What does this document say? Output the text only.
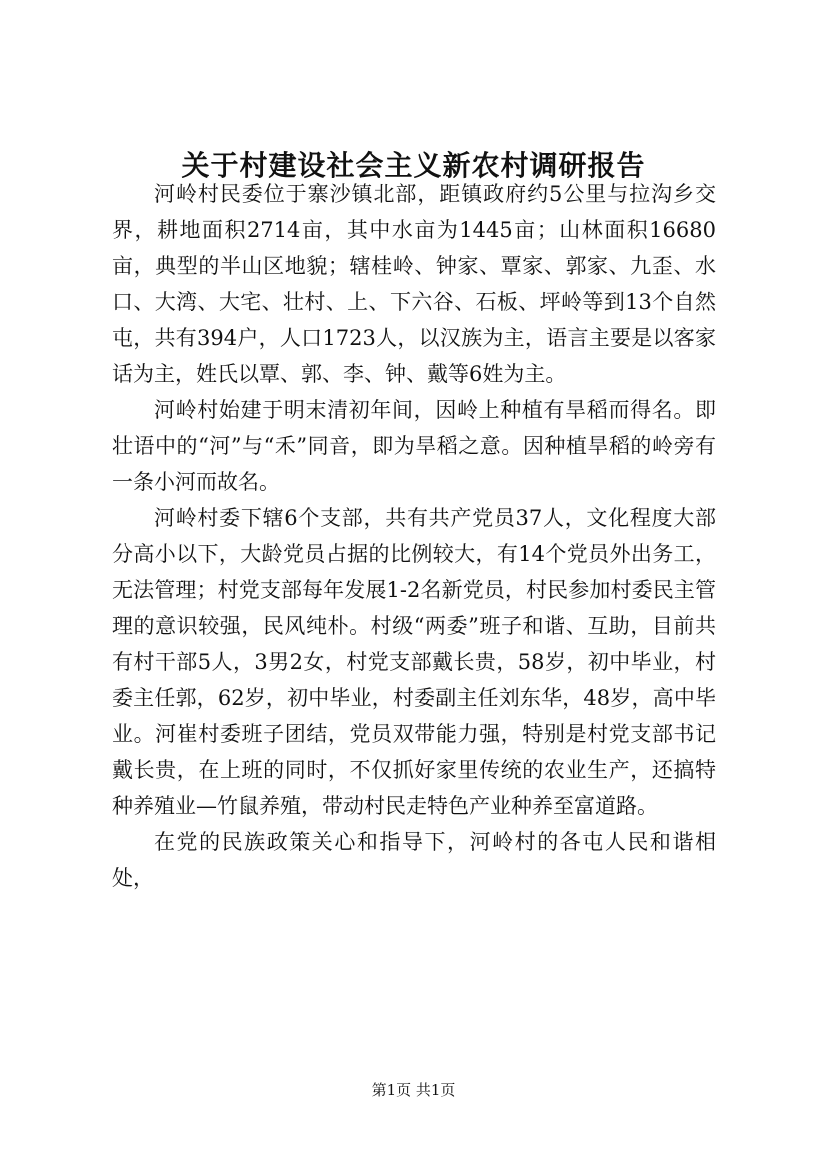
关于村建设社会主义新农村调研报告

河岭村民委位于寨沙镇北部，距镇政府约5公里与拉沟乡交界，耕地面积2714亩，其中水亩为1445亩；山林面积16680亩，典型的半山区地貌；辖桂岭、钟家、覃家、郭家、九歪、水口、大湾、大宅、壮村、上、下六谷、石板、坪岭等到13个自然屯，共有394户，人口1723人，以汉族为主，语言主要是以客家话为主，姓氏以覃、郭、李、钟、戴等6姓为主。

河岭村始建于明末清初年间，因岭上种植有旱稻而得名。即壮语中的“河”与“禾”同音，即为旱稻之意。因种植旱稻的岭旁有一条小河而故名。

河岭村委下辖6个支部，共有共产党员37人，文化程度大部分高小以下，大龄党员占据的比例较大，有14个党员外出务工，无法管理；村党支部每年发展1-2名新党员，村民参加村委民主管理的意识较强，民风纯朴。村级“两委”班子和谐、互助，目前共有村干部5人，3男2女，村党支部戴长贵，58岁，初中毕业，村委主任郭，62岁，初中毕业，村委副主任刘东华，48岁，高中毕业。河崔村委班子团结，党员双带能力强，特别是村党支部书记戴长贵，在上班的同时，不仅抓好家里传统的农业生产，还搞特种养殖业—竹鼠养殖，带动村民走特色产业种养至富道路。

在党的民族政策关心和指导下，河岭村的各屯人民和谐相处，

第1页 共1页
